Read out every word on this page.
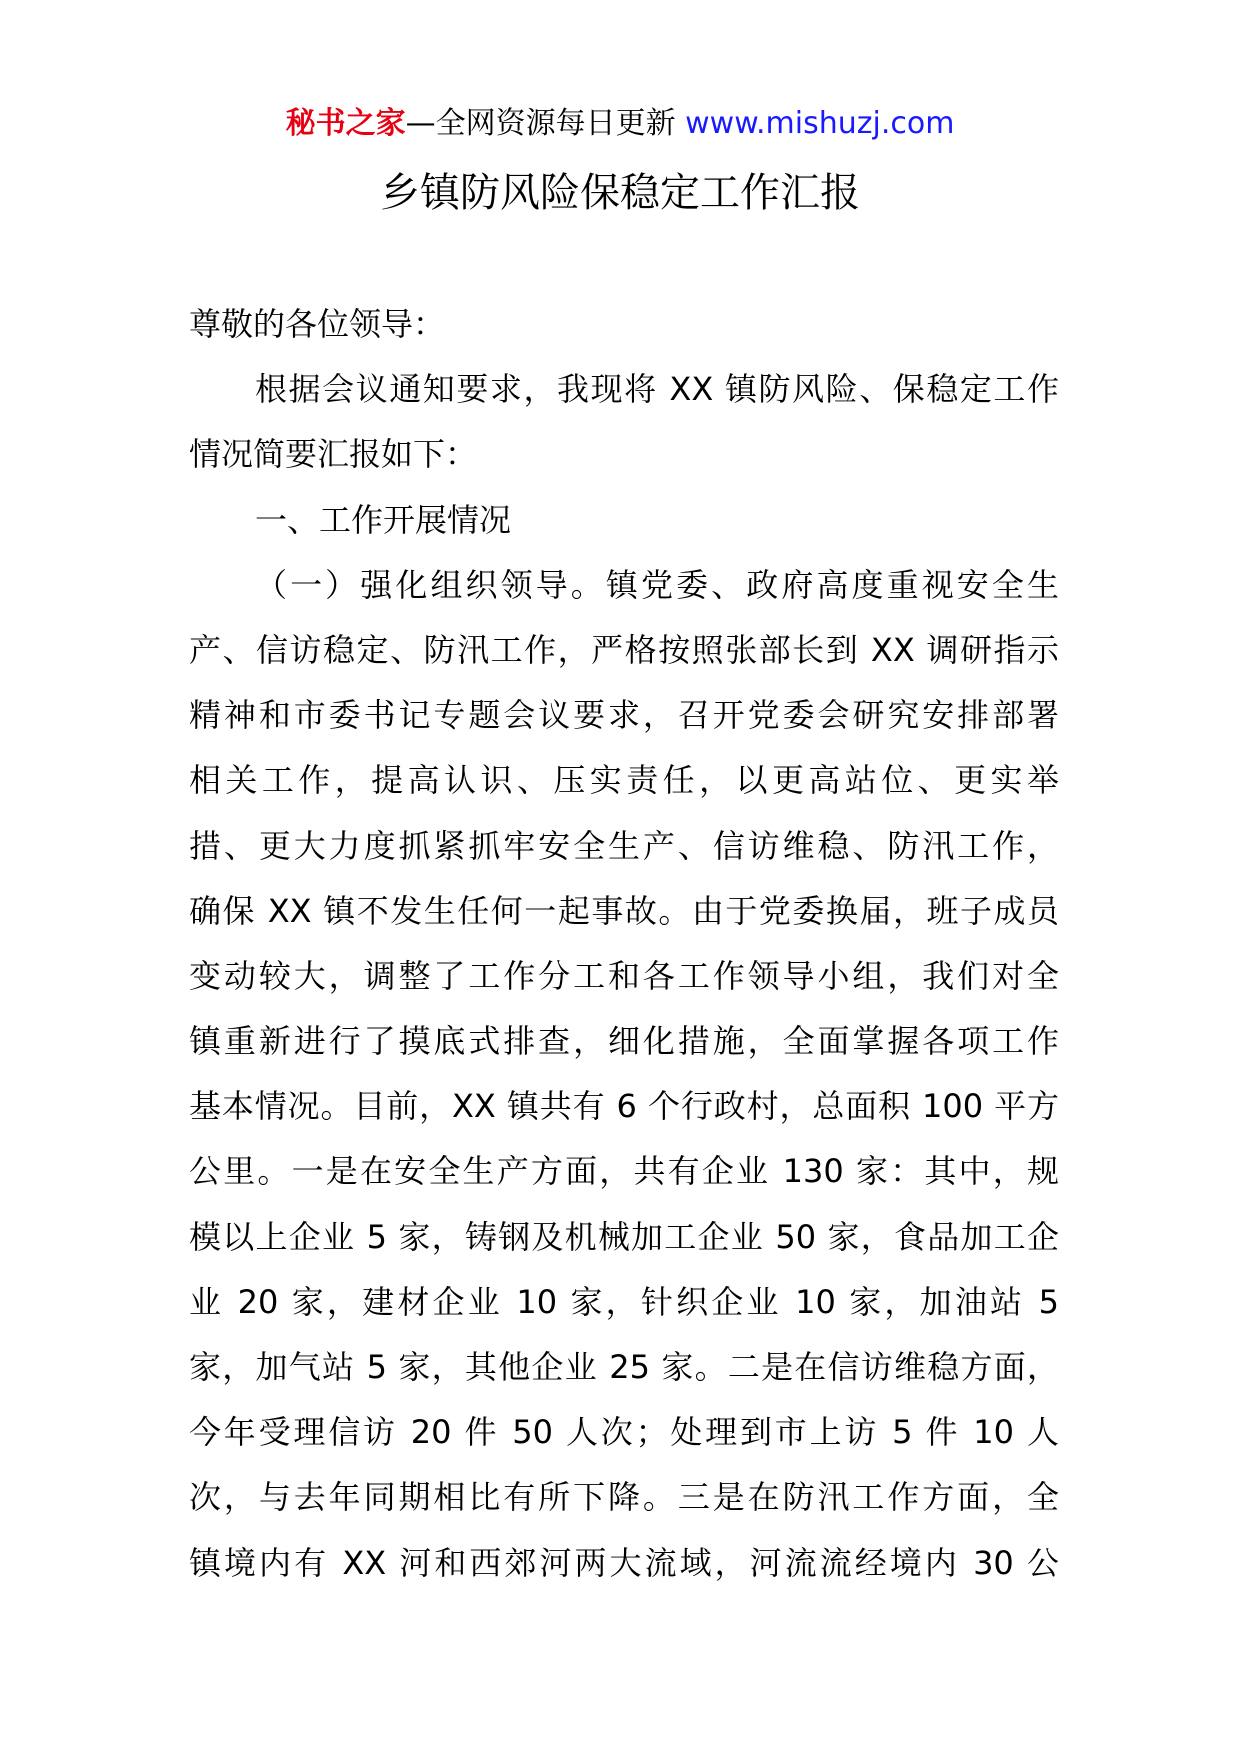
秘书之家—全网资源每日更新 www.mishuzj.com
乡镇防风险保稳定工作汇报
尊敬的各位领导：
根据会议通知要求，我现将 XX 镇防风险、保稳定工作
情况简要汇报如下：
一、工作开展情况
（一）强化组织领导。镇党委、政府高度重视安全生
产、信访稳定、防汛工作，严格按照张部长到 XX 调研指示
精神和市委书记专题会议要求，召开党委会研究安排部署
相关工作，提高认识、压实责任，以更高站位、更实举
措、更大力度抓紧抓牢安全生产、信访维稳、防汛工作，
确保 XX 镇不发生任何一起事故。由于党委换届，班子成员
变动较大，调整了工作分工和各工作领导小组，我们对全
镇重新进行了摸底式排查，细化措施，全面掌握各项工作
基本情况。目前，XX 镇共有 6 个行政村，总面积 100 平方
公里。一是在安全生产方面，共有企业 130 家：其中，规
模以上企业 5 家，铸钢及机械加工企业 50 家，食品加工企
业 20 家，建材企业 10 家，针织企业 10 家，加油站 5
家，加气站 5 家，其他企业 25 家。二是在信访维稳方面，
今年受理信访 20 件 50 人次；处理到市上访 5 件 10 人
次，与去年同期相比有所下降。三是在防汛工作方面，全
镇境内有 XX 河和西郊河两大流域，河流流经境内 30 公
